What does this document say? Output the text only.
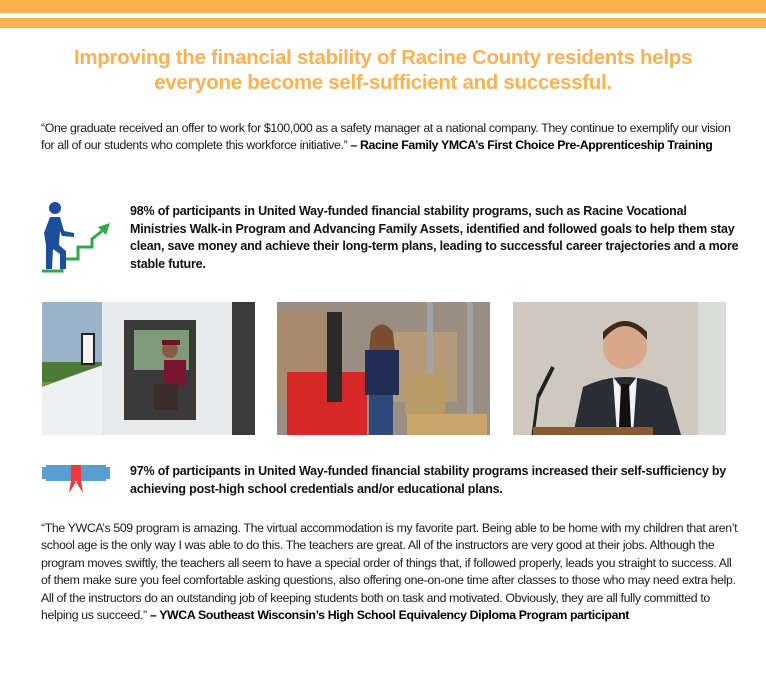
Improving the financial stability of Racine County residents helps
everyone become self-sufficient and successful.
“One graduate received an offer to work for $100,000 as a safety manager at a national company. They continue to exemplify our vision for all of our students who complete this workforce initiative.” – Racine Family YMCA’s First Choice Pre-Apprenticeship Training
98% of participants in United Way-funded financial stability programs, such as Racine Vocational Ministries Walk-in Program and Advancing Family Assets, identified and followed goals to help them stay clean, save money and achieve their long-term plans, leading to successful career trajectories and a more stable future.
97% of participants in United Way-funded financial stability programs increased their self-sufficiency by achieving post-high school credentials and/or educational plans.
“The YWCA’s 509 program is amazing. The virtual accommodation is my favorite part. Being able to be home with my children that aren’t school age is the only way I was able to do this. The teachers are great. All of the instructors are very good at their jobs. Although the program moves swiftly, the teachers all seem to have a special order of things that, if followed properly, leads you straight to success. All of them make sure you feel comfortable asking questions, also offering one-on-one time after classes to those who may need extra help. All of the instructors do an outstanding job of keeping students both on task and motivated. Obviously, they are all fully committed to helping us succeed.” – YWCA Southeast Wisconsin’s High School Equivalency Diploma Program participant
